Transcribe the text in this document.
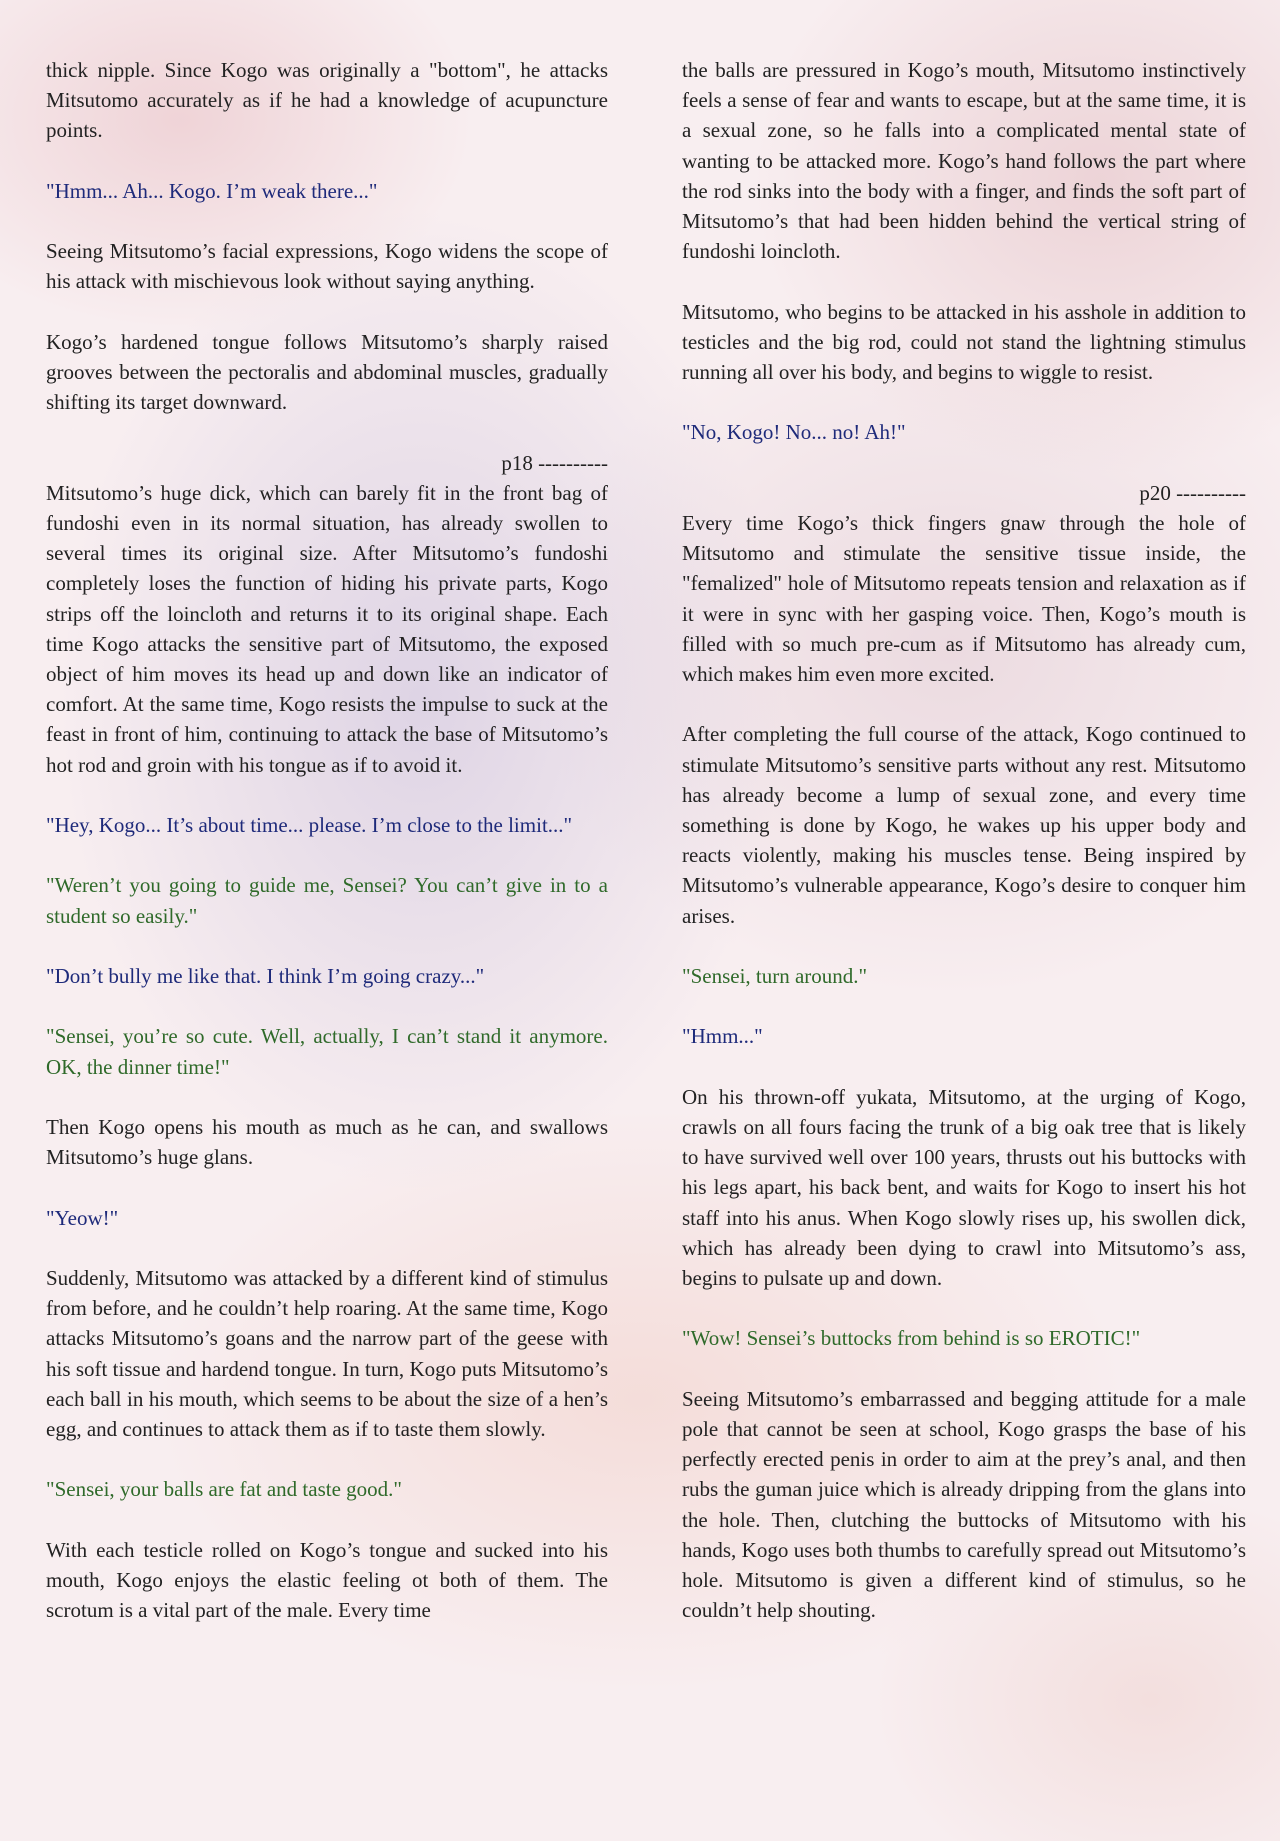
thick nipple. Since Kogo was originally a "bottom", he attacks Mitsutomo accurately as if he had a knowledge of acupuncture points.

"Hmm... Ah... Kogo. I’m weak there..."

Seeing Mitsutomo’s facial expressions, Kogo widens the scope of his attack with mischievous look without saying anything.

Kogo’s hardened tongue follows Mitsutomo’s sharply raised grooves between the pectoralis and abdominal muscles, gradually shifting its target downward.

p18 ----------

Mitsutomo’s huge dick, which can barely fit in the front bag of fundoshi even in its normal situation, has already swollen to several times its original size. After Mitsutomo’s fundoshi completely loses the function of hiding his private parts, Kogo strips off the loincloth and returns it to its original shape. Each time Kogo attacks the sensitive part of Mitsutomo, the exposed object of him moves its head up and down like an indicator of comfort. At the same time, Kogo resists the impulse to suck at the feast in front of him, continuing to attack the base of Mitsutomo’s hot rod and groin with his tongue as if to avoid it.

"Hey, Kogo... It’s about time... please. I’m close to the limit..."

"Weren’t you going to guide me, Sensei? You can’t give in to a student so easily."

"Don’t bully me like that. I think I’m going crazy..."

"Sensei, you’re so cute. Well, actually, I can’t stand it anymore. OK, the dinner time!"

Then Kogo opens his mouth as much as he can, and swallows Mitsutomo’s huge glans.

"Yeow!"

Suddenly, Mitsutomo was attacked by a different kind of stimulus from before, and he couldn’t help roaring. At the same time, Kogo attacks Mitsutomo’s goans and the narrow part of the geese with his soft tissue and hardend tongue. In turn, Kogo puts Mitsutomo’s each ball in his mouth, which seems to be about the size of a hen’s egg, and continues to attack them as if to taste them slowly.

"Sensei, your balls are fat and taste good."

With each testicle rolled on Kogo’s tongue and sucked into his mouth, Kogo enjoys the elastic feeling ot both of them. The scrotum is a vital part of the male. Every time

the balls are pressured in Kogo’s mouth, Mitsutomo instinctively feels a sense of fear and wants to escape, but at the same time, it is a sexual zone, so he falls into a complicated mental state of wanting to be attacked more. Kogo’s hand follows the part where the rod sinks into the body with a finger, and finds the soft part of Mitsutomo’s that had been hidden behind the vertical string of fundoshi loincloth.

Mitsutomo, who begins to be attacked in his asshole in addition to testicles and the big rod, could not stand the lightning stimulus running all over his body, and begins to wiggle to resist.

"No, Kogo! No... no! Ah!"

p20 ----------

Every time Kogo’s thick fingers gnaw through the hole of Mitsutomo and stimulate the sensitive tissue inside, the "femalized" hole of Mitsutomo repeats tension and relaxation as if it were in sync with her gasping voice. Then, Kogo’s mouth is filled with so much pre-cum as if Mitsutomo has already cum, which makes him even more excited.

After completing the full course of the attack, Kogo continued to stimulate Mitsutomo’s sensitive parts without any rest. Mitsutomo has already become a lump of sexual zone, and every time something is done by Kogo, he wakes up his upper body and reacts violently, making his muscles tense. Being inspired by Mitsutomo’s vulnerable appearance, Kogo’s desire to conquer him arises.

"Sensei, turn around."

"Hmm..."

On his thrown-off yukata, Mitsutomo, at the urging of Kogo, crawls on all fours facing the trunk of a big oak tree that is likely to have survived well over 100 years, thrusts out his buttocks with his legs apart, his back bent, and waits for Kogo to insert his hot staff into his anus. When Kogo slowly rises up, his swollen dick, which has already been dying to crawl into Mitsutomo’s ass, begins to pulsate up and down.

"Wow! Sensei’s buttocks from behind is so EROTIC!"

Seeing Mitsutomo’s embarrassed and begging attitude for a male pole that cannot be seen at school, Kogo grasps the base of his perfectly erected penis in order to aim at the prey’s anal, and then rubs the guman juice which is already dripping from the glans into the hole. Then, clutching the buttocks of Mitsutomo with his hands, Kogo uses both thumbs to carefully spread out Mitsutomo’s hole. Mitsutomo is given a different kind of stimulus, so he couldn’t help shouting.
